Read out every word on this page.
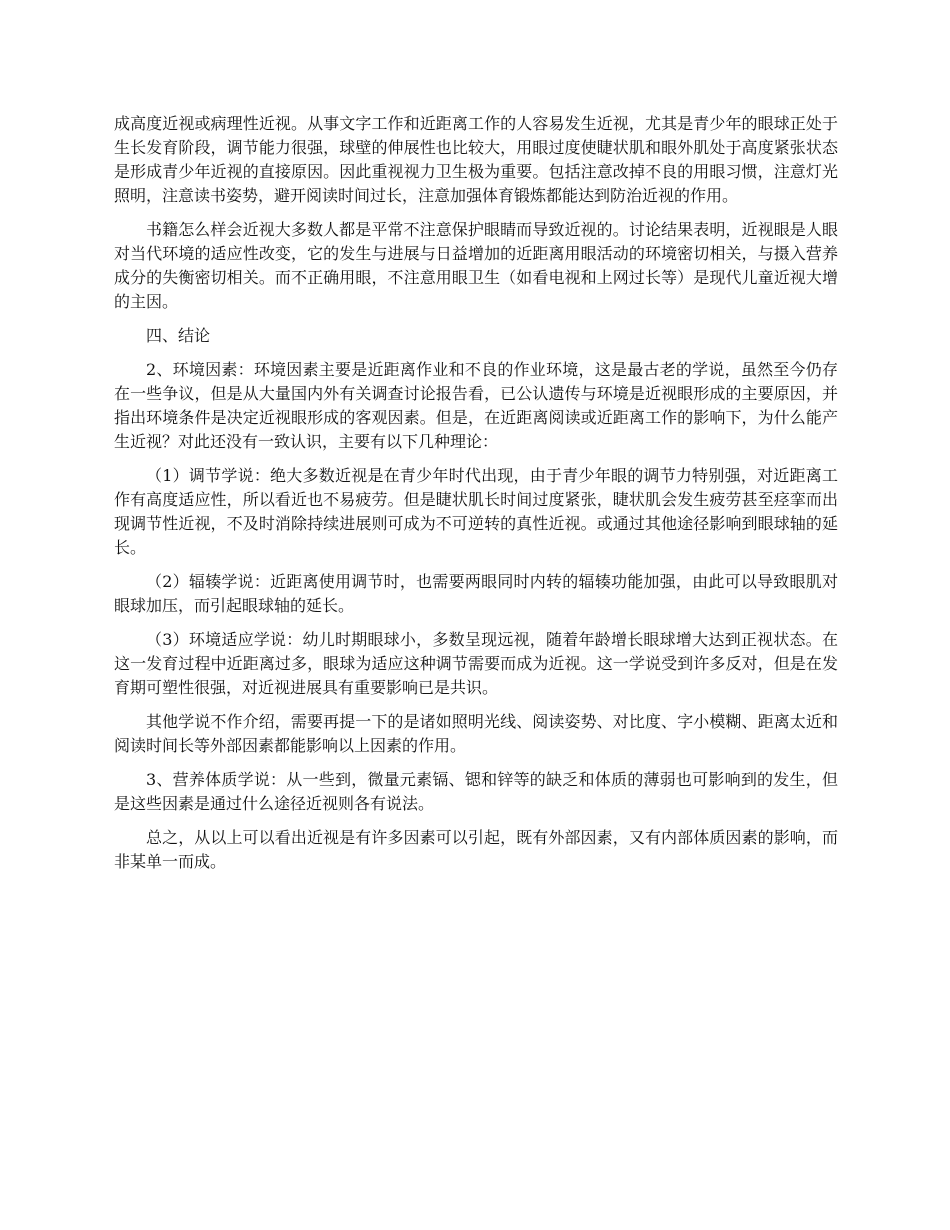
成高度近视或病理性近视。从事文字工作和近距离工作的人容易发生近视，尤其是青少年的眼球正处于生长发育阶段，调节能力很强，球壁的伸展性也比较大，用眼过度使睫状肌和眼外肌处于高度紧张状态是形成青少年近视的直接原因。因此重视视力卫生极为重要。包括注意改掉不良的用眼习惯，注意灯光照明，注意读书姿势，避开阅读时间过长，注意加强体育锻炼都能达到防治近视的作用。

书籍怎么样会近视大多数人都是平常不注意保护眼睛而导致近视的。讨论结果表明，近视眼是人眼对当代环境的适应性改变，它的发生与进展与日益增加的近距离用眼活动的环境密切相关，与摄入营养成分的失衡密切相关。而不正确用眼，不注意用眼卫生（如看电视和上网过长等）是现代儿童近视大增的主因。

四、结论

2、环境因素：环境因素主要是近距离作业和不良的作业环境，这是最古老的学说，虽然至今仍存在一些争议，但是从大量国内外有关调查讨论报告看，已公认遗传与环境是近视眼形成的主要原因，并指出环境条件是决定近视眼形成的客观因素。但是，在近距离阅读或近距离工作的影响下，为什么能产生近视？对此还没有一致认识，主要有以下几种理论：

（1）调节学说：绝大多数近视是在青少年时代出现，由于青少年眼的调节力特别强，对近距离工作有高度适应性，所以看近也不易疲劳。但是睫状肌长时间过度紧张，睫状肌会发生疲劳甚至痉挛而出现调节性近视，不及时消除持续进展则可成为不可逆转的真性近视。或通过其他途径影响到眼球轴的延长。

（2）辐辏学说：近距离使用调节时，也需要两眼同时内转的辐辏功能加强，由此可以导致眼肌对眼球加压，而引起眼球轴的延长。

（3）环境适应学说：幼儿时期眼球小，多数呈现远视，随着年龄增长眼球增大达到正视状态。在这一发育过程中近距离过多，眼球为适应这种调节需要而成为近视。这一学说受到许多反对，但是在发育期可塑性很强，对近视进展具有重要影响已是共识。

其他学说不作介绍，需要再提一下的是诸如照明光线、阅读姿势、对比度、字小模糊、距离太近和阅读时间长等外部因素都能影响以上因素的作用。

3、营养体质学说：从一些到，微量元素镉、锶和锌等的缺乏和体质的薄弱也可影响到的发生，但是这些因素是通过什么途径近视则各有说法。

总之，从以上可以看出近视是有许多因素可以引起，既有外部因素，又有内部体质因素的影响，而非某单一而成。
